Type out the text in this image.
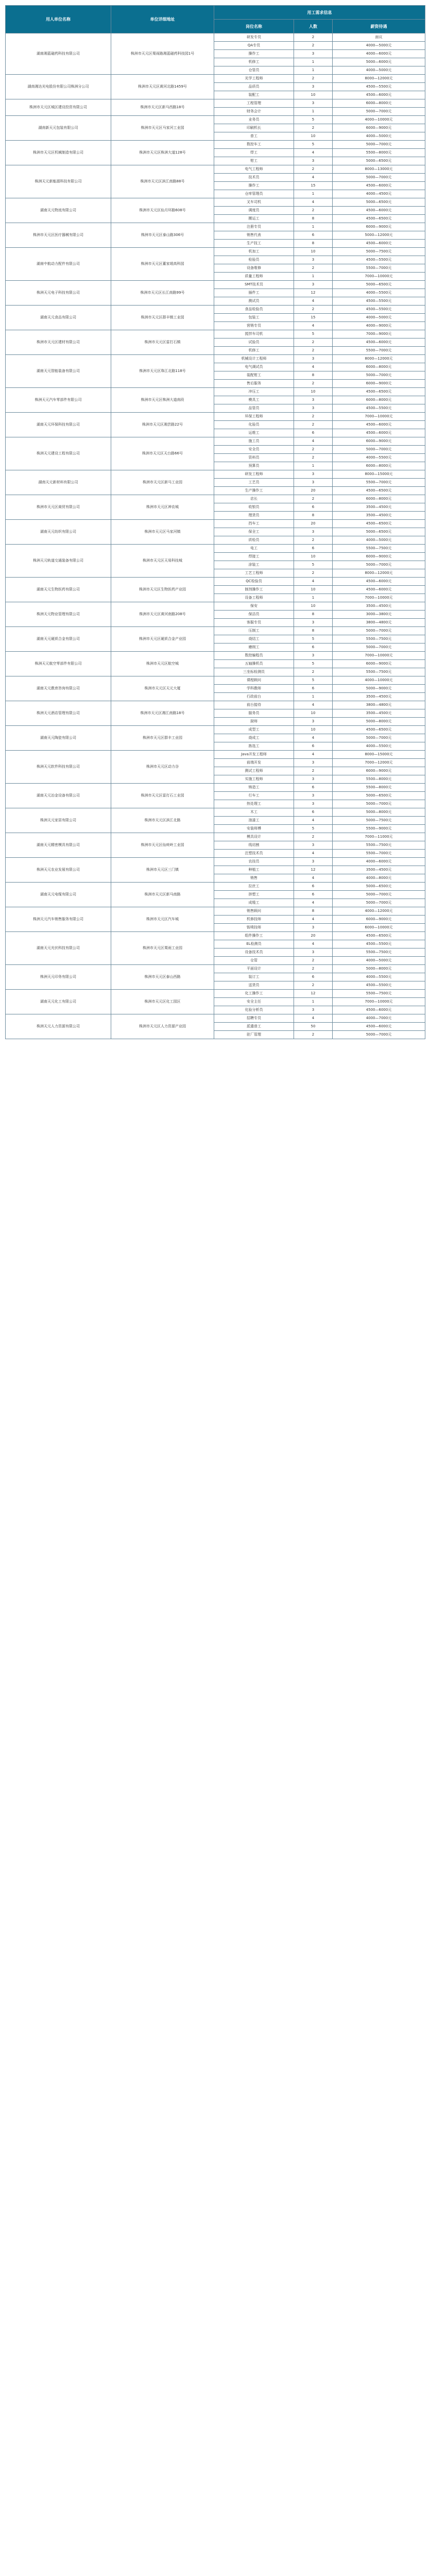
用人单位名称	单位详细地址	用工需求信息		
		岗位名称	人数	薪资待遇
湖南湘蓝磁药科技有限公司	株洲市天元区栗雨路湘蓝磁药科技园1号	研发专员	2	面议
		QA专员	2	4000—5000元
		操作工	3	4000—6000元
		机修工	1	5000—6000元
		仓管员	1	4000—5000元
湖南湘达光电股份有限公司株洲分公司	株洲市天元区黄河北路1459号	光学工程师	2	8000—12000元
		品质员	3	4500—5500元
		装配工	10	4500—6000元
株洲市天元区城区建设投资有限公司	株洲市天元区新马西路18号	工程管理	3	6000—8000元
		财务会计	1	5000—7000元
湖南新天元包装有限公司	株洲市天元区马家河工业园	业务员	5	4000—10000元
		印刷机长	2	6000—9000元
		普工	10	4000—5000元
株洲市天元区机械制造有限公司	株洲市天元区株洲大道128号	数控车工	5	5000—7000元
		焊工	4	5500—8000元
		钳工	3	5000—6500元
株洲天元新能源科技有限公司	株洲市天元区滨江南路88号	电气工程师	2	8000—13000元
		技术员	4	5000—7000元
		操作工	15	4500—6000元
		仓库管理员	1	4000—4500元
湖南天元物流有限公司	株洲市天元区仙月环路608号	叉车司机	4	5000—6500元
		调度员	2	4500—6000元
		搬运工	8	4500—6500元
株洲市天元区医疗器械有限公司	株洲市天元区泰山路306号	注册专员	1	6000—9000元
		销售代表	6	5000—12000元
		生产技工	8	4500—6000元
湖南中航动力配件有限公司	株洲市天元区董家塅高科园	机加工	10	5000—7500元
		检验员	3	4500—5500元
		设备维修	2	5500—7000元
		质量工程师	1	7000—10000元
株洲天元电子科技有限公司	株洲市天元区长江南路99号	SMT技术员	3	5000—6500元
		插件工	12	4000—5500元
		测试员	4	4500—5500元
湖南天元食品有限公司	株洲市天元区群丰镇工业园	食品检验员	2	4500—5500元
		包装工	15	4000—5000元
		营销专员	4	4000—9000元
株洲市天元区建材有限公司	株洲市天元区雷打石镇	搅拌车司机	5	7000—9000元
		试验员	2	4500—6000元
		机修工	2	5500—7000元
湖南天元智能装备有限公司	株洲市天元区珠江北路118号	机械设计工程师	3	8000—12000元
		电气调试员	4	6000—8000元
		装配钳工	8	5000—7000元
		售后服务	2	6000—9000元
株洲天元汽车零部件有限公司	株洲市天元区株洲大道南段	冲压工	10	4500—6500元
		模具工	3	6000—8000元
		品管员	3	4500—5500元
湖南天元环保科技有限公司	株洲市天元区湘芸路22号	环保工程师	2	7000—10000元
		化验员	2	4500—6000元
		运维工	6	4500—6000元
株洲天元建设工程有限公司	株洲市天元区天台路66号	施工员	4	6000—9000元
		安全员	2	5000—7000元
		资料员	2	4000—5500元
		预算员	1	6000—8000元
湖南天元新材料有限公司	株洲市天元区新马工业园	研发工程师	3	8000—15000元
		工艺员	3	5500—7000元
		生产操作工	20	4500—6500元
株洲市天元区商贸有限公司	株洲市天元区神农城	店长	2	6000—8000元
		收银员	6	3500—4500元
		理货员	8	3500—4500元
湖南天元纺织有限公司	株洲市天元区马家河镇	挡车工	20	4500—6500元
		保全工	3	5000—6500元
		质检员	2	4000—5000元
株洲天元轨道交通装备有限公司	株洲市天元区天易科技城	电工	6	5500—7500元
		焊接工	10	6000—9000元
		涂装工	5	5000—7000元
		工艺工程师	2	8000—12000元
湖南天元生物医药有限公司	株洲市天元区生物医药产业园	QC检验员	4	4500—6000元
		制剂操作工	10	4500—6000元
		设备工程师	1	7000—10000元
株洲天元物业管理有限公司	株洲市天元区黄河南路208号	保安	10	3500—4500元
		保洁员	8	3000—3800元
		客服专员	3	3800—4800元
湖南天元硬质合金有限公司	株洲市天元区硬质合金产业园	压制工	8	5000—7000元
		烧结工	5	5500—7500元
		磨削工	6	5000—7000元
株洲天元航空零部件有限公司	株洲市天元区航空城	数控编程员	3	7000—10000元
		五轴操机员	5	6000—9000元
		三坐标检测员	2	5500—7500元
湖南天元教育咨询有限公司	株洲市天元区天元大厦	课程顾问	5	4000—10000元
		学科教师	6	5000—9000元
		行政前台	1	3500—4500元
株洲天元酒店管理有限公司	株洲市天元区湘江南路18号	前台接待	4	3800—4800元
		服务员	10	3500—4500元
		厨师	3	5000—8000元
湖南天元陶瓷有限公司	株洲市天元区群丰工业园	成型工	10	4500—6500元
		烧成工	4	5000—7000元
		拣选工	6	4000—5500元
株洲天元软件科技有限公司	株洲市天元区动力谷	Java开发工程师	4	8000—15000元
		前端开发	3	7000—12000元
		测试工程师	2	6000—9000元
		实施工程师	3	5500—8000元
湖南天元冶金设备有限公司	株洲市天元区雷打石工业园	铸造工	6	5500—8000元
		行车工	3	5000—6500元
		热处理工	3	5000—7000元
株洲天元家居有限公司	株洲市天元区滨江北路	木工	6	5000—8000元
		油漆工	4	5000—7500元
		安装师傅	5	5500—9000元
湖南天元精密模具有限公司	株洲市天元区仙庾岭工业园	模具设计	2	7000—11000元
		线切割	3	5500—7500元
		注塑技术员	4	5500—7000元
株洲天元农业发展有限公司	株洲市天元区三门镇	农技员	3	4000—6000元
		种植工	12	3500—4500元
		销售	4	4000—8000元
湖南天元电缆有限公司	株洲市天元区新马南路	拉丝工	6	5000—6500元
		挤塑工	6	5000—7000元
		成缆工	4	5000—7000元
株洲天元汽车销售服务有限公司	株洲市天元区汽车城	销售顾问	8	4000—12000元
		机修技师	4	6000—9000元
		钣喷技师	3	6000—10000元
湖南天元光伏科技有限公司	株洲市天元区栗雨工业园	组件操作工	20	4500—6500元
		EL检测员	4	4500—5500元
		设备技术员	3	5500—7500元
		仓管	2	4000—5000元
株洲天元印务有限公司	株洲市天元区泰山西路	平面设计	2	5000—8000元
		装订工	6	4000—5500元
		送货员	2	4500—5500元
湖南天元化工有限公司	株洲市天元区化工园区	化工操作工	12	5500—7500元
		安全主任	1	7000—10000元
		化验分析员	3	4500—6000元
株洲天元人力资源有限公司	株洲市天元区人力资源产业园	招聘专员	4	4000—7000元
		派遣普工	50	4500—6000元
		驻厂管理	2	5000—7000元
